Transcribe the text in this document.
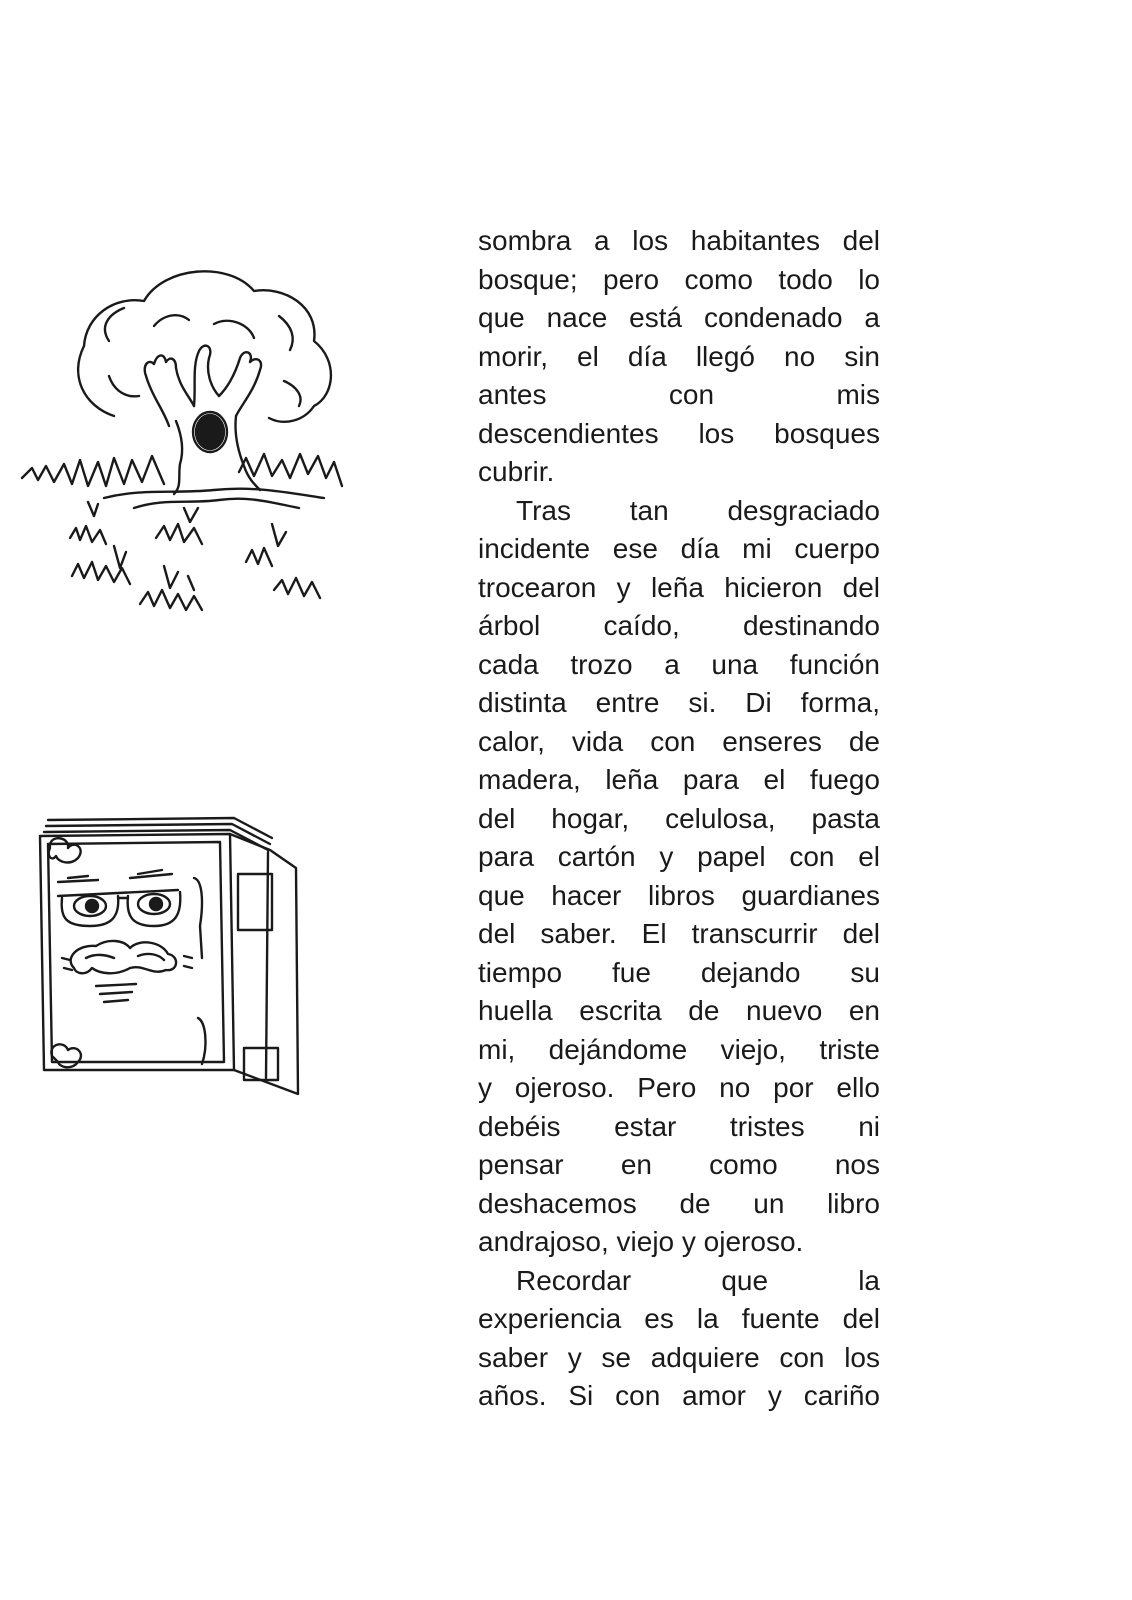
sombra a los habitantes del
bosque; pero como todo lo
que nace está condenado a
morir, el día llegó no sin
antes con mis
descendientes los bosques
cubrir.
Tras tan desgraciado
incidente ese día mi cuerpo
trocearon y leña hicieron del
árbol caído, destinando
cada trozo a una función
distinta entre si. Di forma,
calor, vida con enseres de
madera, leña para el fuego
del hogar, celulosa, pasta
para cartón y papel con el
que hacer libros guardianes
del saber. El transcurrir del
tiempo fue dejando su
huella escrita de nuevo en
mi, dejándome viejo, triste
y ojeroso. Pero no por ello
debéis estar tristes ni
pensar en como nos
deshacemos de un libro
andrajoso, viejo y ojeroso.
Recordar que la
experiencia es la fuente del
saber y se adquiere con los
años. Si con amor y cariño
